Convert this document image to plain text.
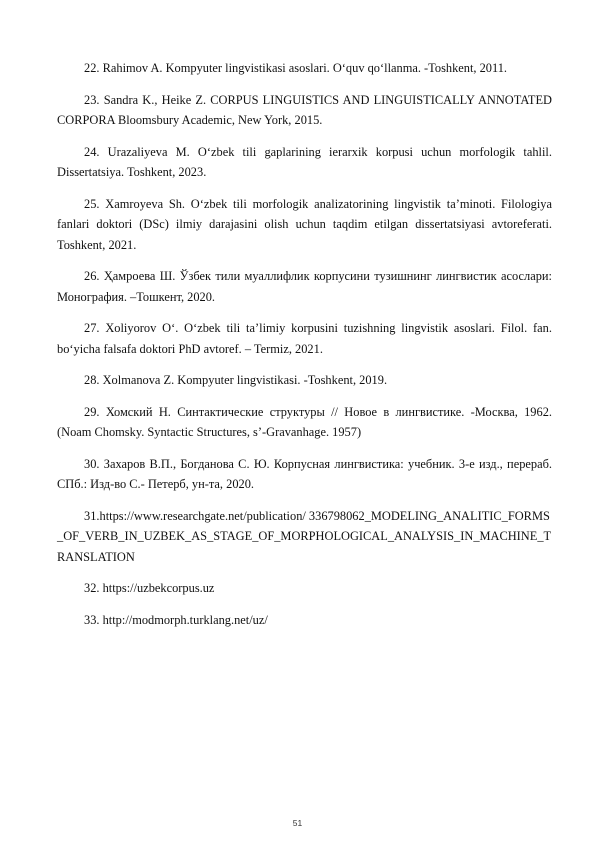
22. Rahimov A. Kompyuter lingvistikasi asoslari. O‘quv qo‘llanma. -Toshkent, 2011.

23. Sandra K., Heike Z. CORPUS LINGUISTICS AND LINGUISTICALLY ANNOTATED CORPORA Bloomsbury Academic, New York, 2015.

24. Urazaliyeva M. O‘zbek tili gaplarining ierarxik korpusi uchun morfologik tahlil. Dissertatsiya. Toshkent, 2023.

25. Xamroyeva Sh. O‘zbek tili morfologik analizatorining lingvistik ta’minoti. Filologiya fanlari doktori (DSc) ilmiy darajasini olish uchun taqdim etilgan dissertatsiyasi avtoreferati. Toshkent, 2021.

26. Ҳамроева Ш. Ўзбек тили муаллифлик корпусини тузишнинг лингвистик асослари: Монография. –Тошкент, 2020.

27. Xoliyorov O‘. O‘zbek tili ta’limiy korpusini tuzishning lingvistik asoslari. Filol. fan. bo‘yicha falsafa doktori PhD avtoref. – Termiz, 2021.

28. Xolmanova Z. Kompyuter lingvistikasi. -Toshkent, 2019.

29. Хомский Н. Синтактические структуры // Новое в лингвистике. -Москва, 1962. (Noam Chomsky. Syntactic Structures, s’-Gravanhage. 1957)

30. Захаров В.П., Богданова С. Ю. Корпусная лингвистика: учебник. 3-е изд., перераб. СПб.: Изд-во С.- Петерб, ун-та, 2020.

31.https://www.researchgate.net/publication/ 336798062_MODELING_ANALITIC_FORMS_OF_VERB_IN_UZBEK_AS_STAGE_OF_MORPHOLOGICAL_ANALYSIS_IN_MACHINE_TRANSLATION

32. https://uzbekcorpus.uz

33. http://modmorph.turklang.net/uz/

51
